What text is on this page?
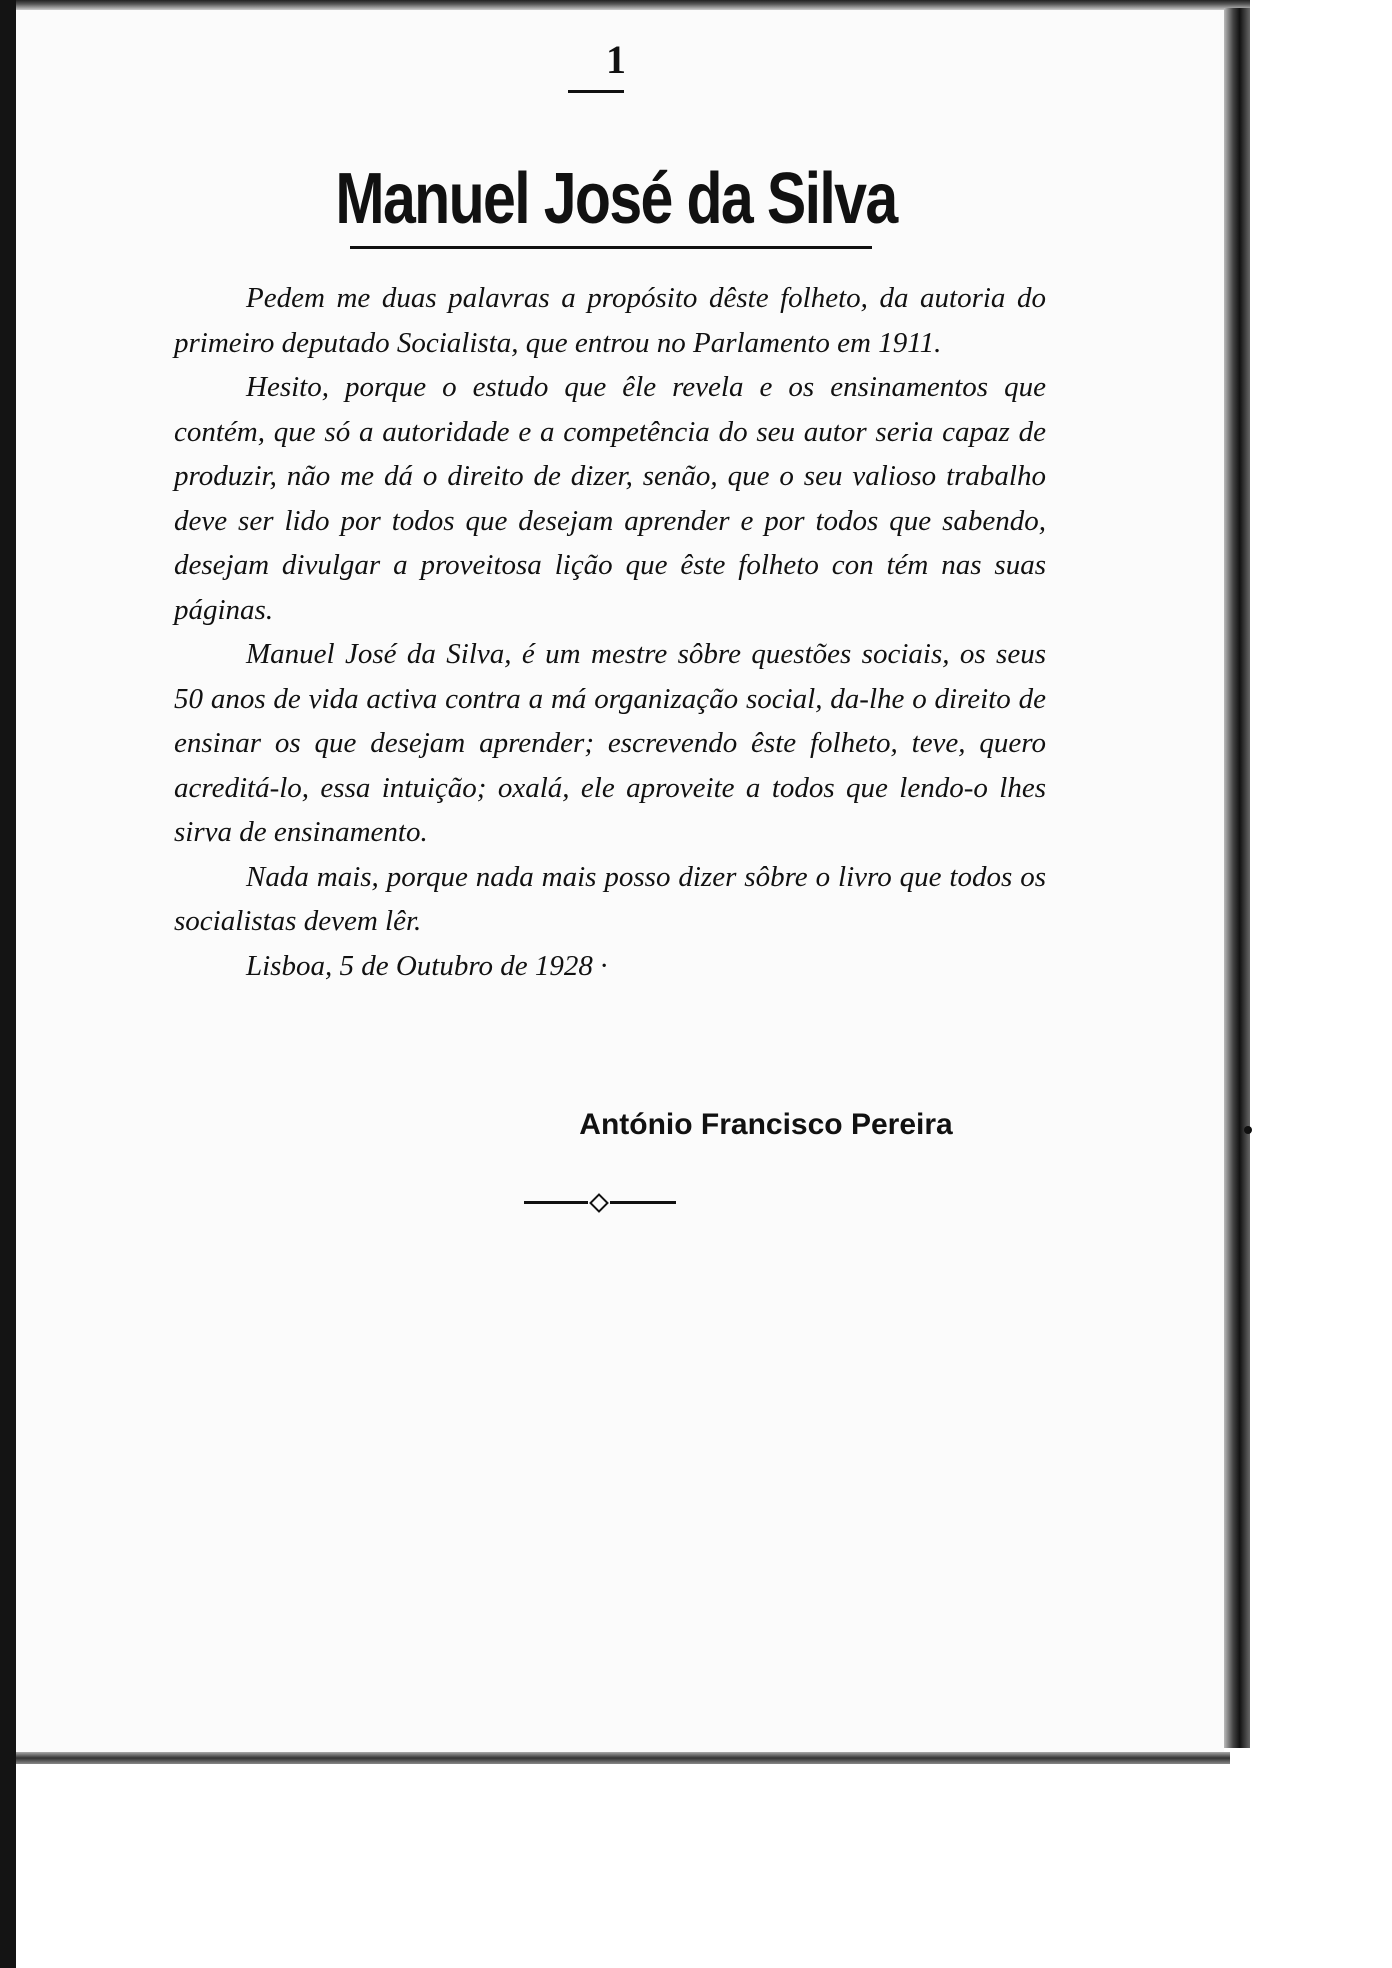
1
Manuel José da Silva

Pedem me duas palavras a propósito dêste folheto, da autoria do primeiro deputado Socialista, que entrou no Parlamento em 1911.

Hesito, porque o estudo que êle revela e os ensinamentos que contém, que só a autoridade e a competência do seu autor seria capaz de produzir, não me dá o direito de dizer, senão, que o seu valioso trabalho deve ser lido por todos que desejam aprender e por todos que sabendo, desejam divulgar a proveitosa lição que êste folheto con tém nas suas páginas.

Manuel José da Silva, é um mestre sôbre questões sociais, os seus 50 anos de vida activa contra a má organização social, da-lhe o direito de ensinar os que desejam aprender; escrevendo êste folheto, teve, quero acreditá-lo, essa intuição; oxalá, ele aproveite a todos que lendo-o lhes sirva de ensinamento.

Nada mais, porque nada mais posso dizer sôbre o livro que todos os socialistas devem lêr.

Lisboa, 5 de Outubro de 1928 ·

António Francisco Pereira
